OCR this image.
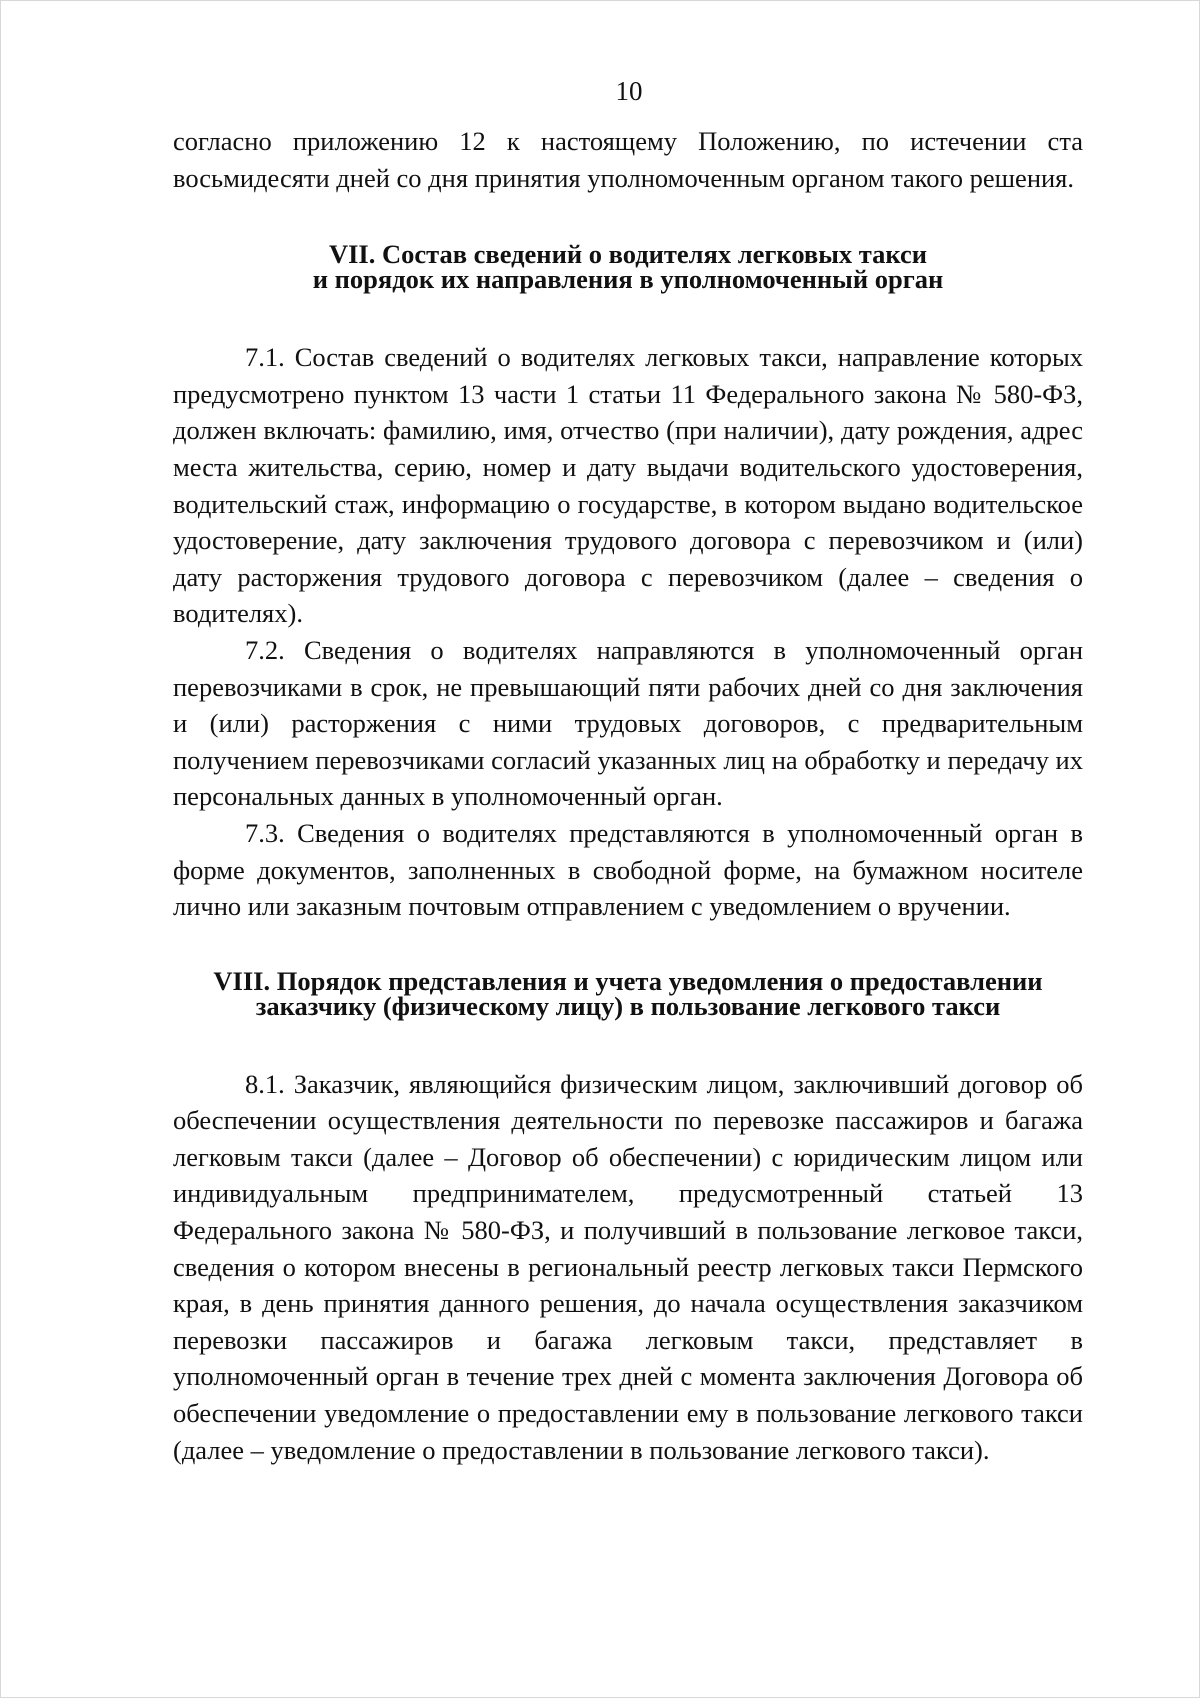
10

согласно приложению 12 к настоящему Положению, по истечении ста восьмидесяти дней со дня принятия уполномоченным органом такого решения.

VII. Состав сведений о водителях легковых такси
и порядок их направления в уполномоченный орган

7.1. Состав сведений о водителях легковых такси, направление которых предусмотрено пунктом 13 части 1 статьи 11 Федерального закона № 580-ФЗ, должен включать: фамилию, имя, отчество (при наличии), дату рождения, адрес места жительства, серию, номер и дату выдачи водительского удостоверения, водительский стаж, информацию о государстве, в котором выдано водительское удостоверение, дату заключения трудового договора с перевозчиком и (или) дату расторжения трудового договора с перевозчиком (далее – сведения о водителях).

7.2. Сведения о водителях направляются в уполномоченный орган перевозчиками в срок, не превышающий пяти рабочих дней со дня заключения и (или) расторжения с ними трудовых договоров, с предварительным получением перевозчиками согласий указанных лиц на обработку и передачу их персональных данных в уполномоченный орган.

7.3. Сведения о водителях представляются в уполномоченный орган в форме документов, заполненных в свободной форме, на бумажном носителе лично или заказным почтовым отправлением с уведомлением о вручении.

VIII. Порядок представления и учета уведомления о предоставлении
заказчику (физическому лицу) в пользование легкового такси

8.1. Заказчик, являющийся физическим лицом, заключивший договор об обеспечении осуществления деятельности по перевозке пассажиров и багажа легковым такси (далее – Договор об обеспечении) с юридическим лицом или индивидуальным предпринимателем, предусмотренный статьей 13 Федерального закона № 580-ФЗ, и получивший в пользование легковое такси, сведения о котором внесены в региональный реестр легковых такси Пермского края, в день принятия данного решения, до начала осуществления заказчиком перевозки пассажиров и багажа легковым такси, представляет в уполномоченный орган в течение трех дней с момента заключения Договора об обеспечении уведомление о предоставлении ему в пользование легкового такси (далее – уведомление о предоставлении в пользование легкового такси).
